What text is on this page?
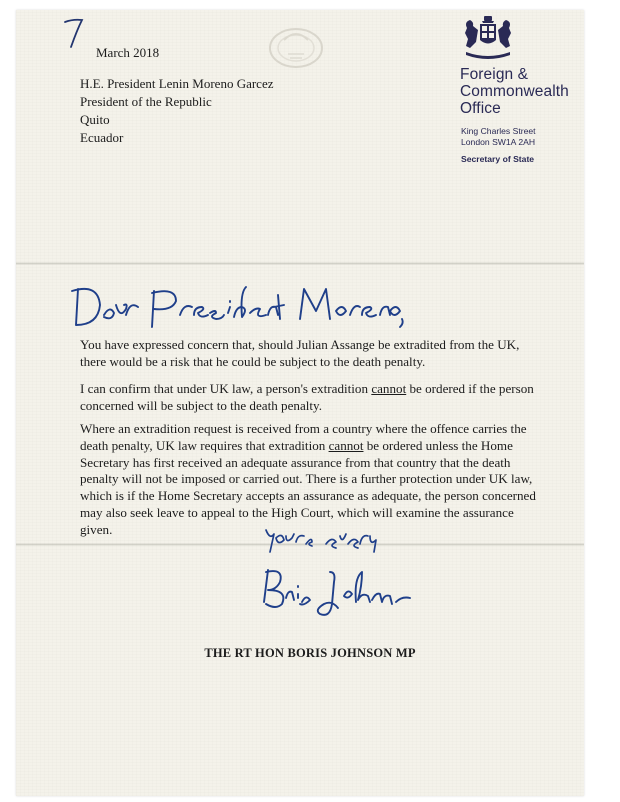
7
March 2018
H.E. President Lenin Moreno Garcez
President of the Republic
Quito
Ecuador
Foreign &
Commonwealth
Office
King Charles Street
London SW1A 2AH
Secretary of State
You have expressed concern that, should Julian Assange be extradited from the UK, there would be a risk that he could be subject to the death penalty.
I can confirm that under UK law, a person's extradition cannot be ordered if the person concerned will be subject to the death penalty.
Where an extradition request is received from a country where the offence carries the death penalty, UK law requires that extradition cannot be ordered unless the Home Secretary has first received an adequate assurance from that country that the death penalty will not be imposed or carried out. There is a further protection under UK law, which is if the Home Secretary accepts an assurance as adequate, the person concerned may also seek leave to appeal to the High Court, which will examine the assurance given.
THE RT HON BORIS JOHNSON MP
